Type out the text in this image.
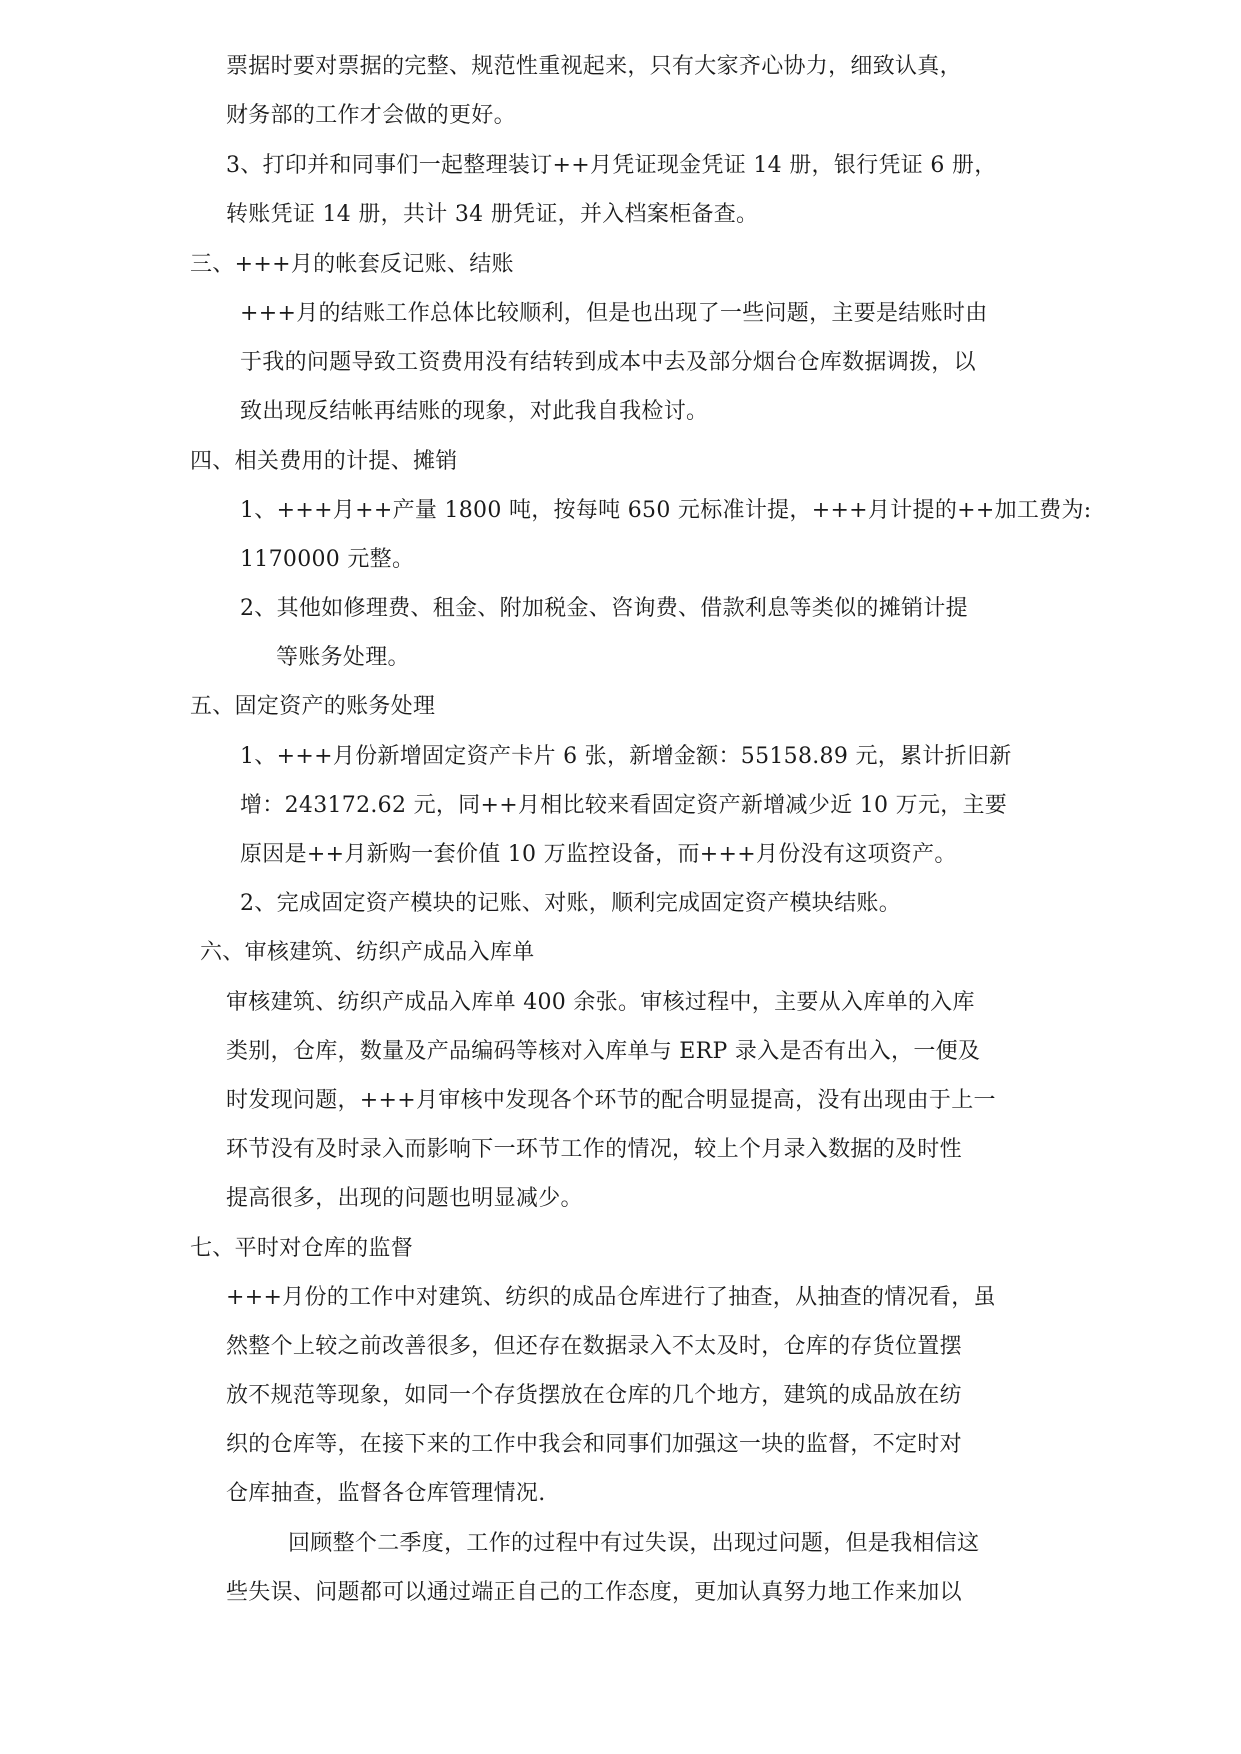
票据时要对票据的完整、规范性重视起来，只有大家齐心协力，细致认真，
财务部的工作才会做的更好。
3、打印并和同事们一起整理装订++月凭证现金凭证 14 册，银行凭证 6 册，
转账凭证 14 册，共计 34 册凭证，并入档案柜备查。
三、+++月的帐套反记账、结账
+++月的结账工作总体比较顺利，但是也出现了一些问题，主要是结账时由
于我的问题导致工资费用没有结转到成本中去及部分烟台仓库数据调拨，以
致出现反结帐再结账的现象，对此我自我检讨。
四、相关费用的计提、摊销
1、+++月++产量 1800 吨，按每吨 650 元标准计提，+++月计提的++加工费为:
1170000 元整。
2、其他如修理费、租金、附加税金、咨询费、借款利息等类似的摊销计提
等账务处理。
五、固定资产的账务处理
1、+++月份新增固定资产卡片 6 张，新增金额：55158.89 元，累计折旧新
增：243172.62 元，同++月相比较来看固定资产新增减少近 10 万元，主要
原因是++月新购一套价值 10 万监控设备，而+++月份没有这项资产。
2、完成固定资产模块的记账、对账，顺利完成固定资产模块结账。
六、审核建筑、纺织产成品入库单
审核建筑、纺织产成品入库单 400 余张。审核过程中，主要从入库单的入库
类别，仓库，数量及产品编码等核对入库单与 ERP 录入是否有出入，一便及
时发现问题，+++月审核中发现各个环节的配合明显提高，没有出现由于上一
环节没有及时录入而影响下一环节工作的情况，较上个月录入数据的及时性
提高很多，出现的问题也明显减少。
七、平时对仓库的监督
+++月份的工作中对建筑、纺织的成品仓库进行了抽查，从抽查的情况看，虽
然整个上较之前改善很多，但还存在数据录入不太及时，仓库的存货位置摆
放不规范等现象，如同一个存货摆放在仓库的几个地方，建筑的成品放在纺
织的仓库等，在接下来的工作中我会和同事们加强这一块的监督，不定时对
仓库抽查，监督各仓库管理情况.
回顾整个二季度，工作的过程中有过失误，出现过问题，但是我相信这
些失误、问题都可以通过端正自己的工作态度，更加认真努力地工作来加以
